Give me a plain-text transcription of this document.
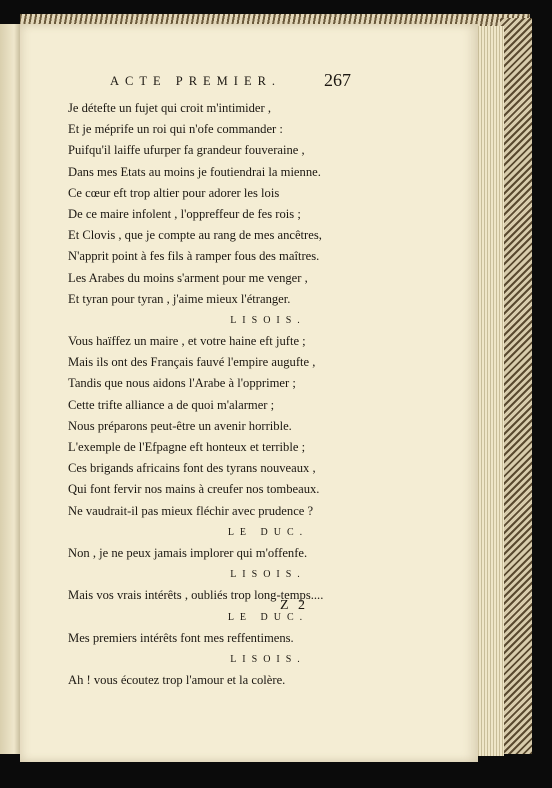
ACTE PREMIER. 267
Je détefte un fujet qui croit m'intimider ,
Et je méprife un roi qui n'ofe commander :
Puifqu'il laiffe ufurper fa grandeur fouveraine ,
Dans mes Etats au moins je foutiendrai la mienne.
Ce cœur eft trop altier pour adorer les lois
De ce maire infolent , l'oppreffeur de fes rois ;
Et Clovis , que je compte au rang de mes ancêtres,
N'apprit point à fes fils à ramper fous des maîtres.
Les Arabes du moins s'arment pour me venger ,
Et tyran pour tyran , j'aime mieux l'étranger.
LISOIS.
Vous haïffez un maire , et votre haine eft jufte ;
Mais ils ont des Français fauvé l'empire augufte ,
Tandis que nous aidons l'Arabe à l'opprimer ;
Cette trifte alliance a de quoi m'alarmer ;
Nous préparons peut-être un avenir horrible.
L'exemple de l'Efpagne eft honteux et terrible ;
Ces brigands africains font des tyrans nouveaux ,
Qui font fervir nos mains à creufer nos tombeaux.
Ne vaudrait-il pas mieux fléchir avec prudence ?
LE DUC.
Non , je ne peux jamais implorer qui m'offenfe.
LISOIS.
Mais vos vrais intérêts , oubliés trop long-temps....
LE DUC.
Mes premiers intérêts font mes reffentimens.
LISOIS.
Ah ! vous écoutez trop l'amour et la colère.
Z 2
